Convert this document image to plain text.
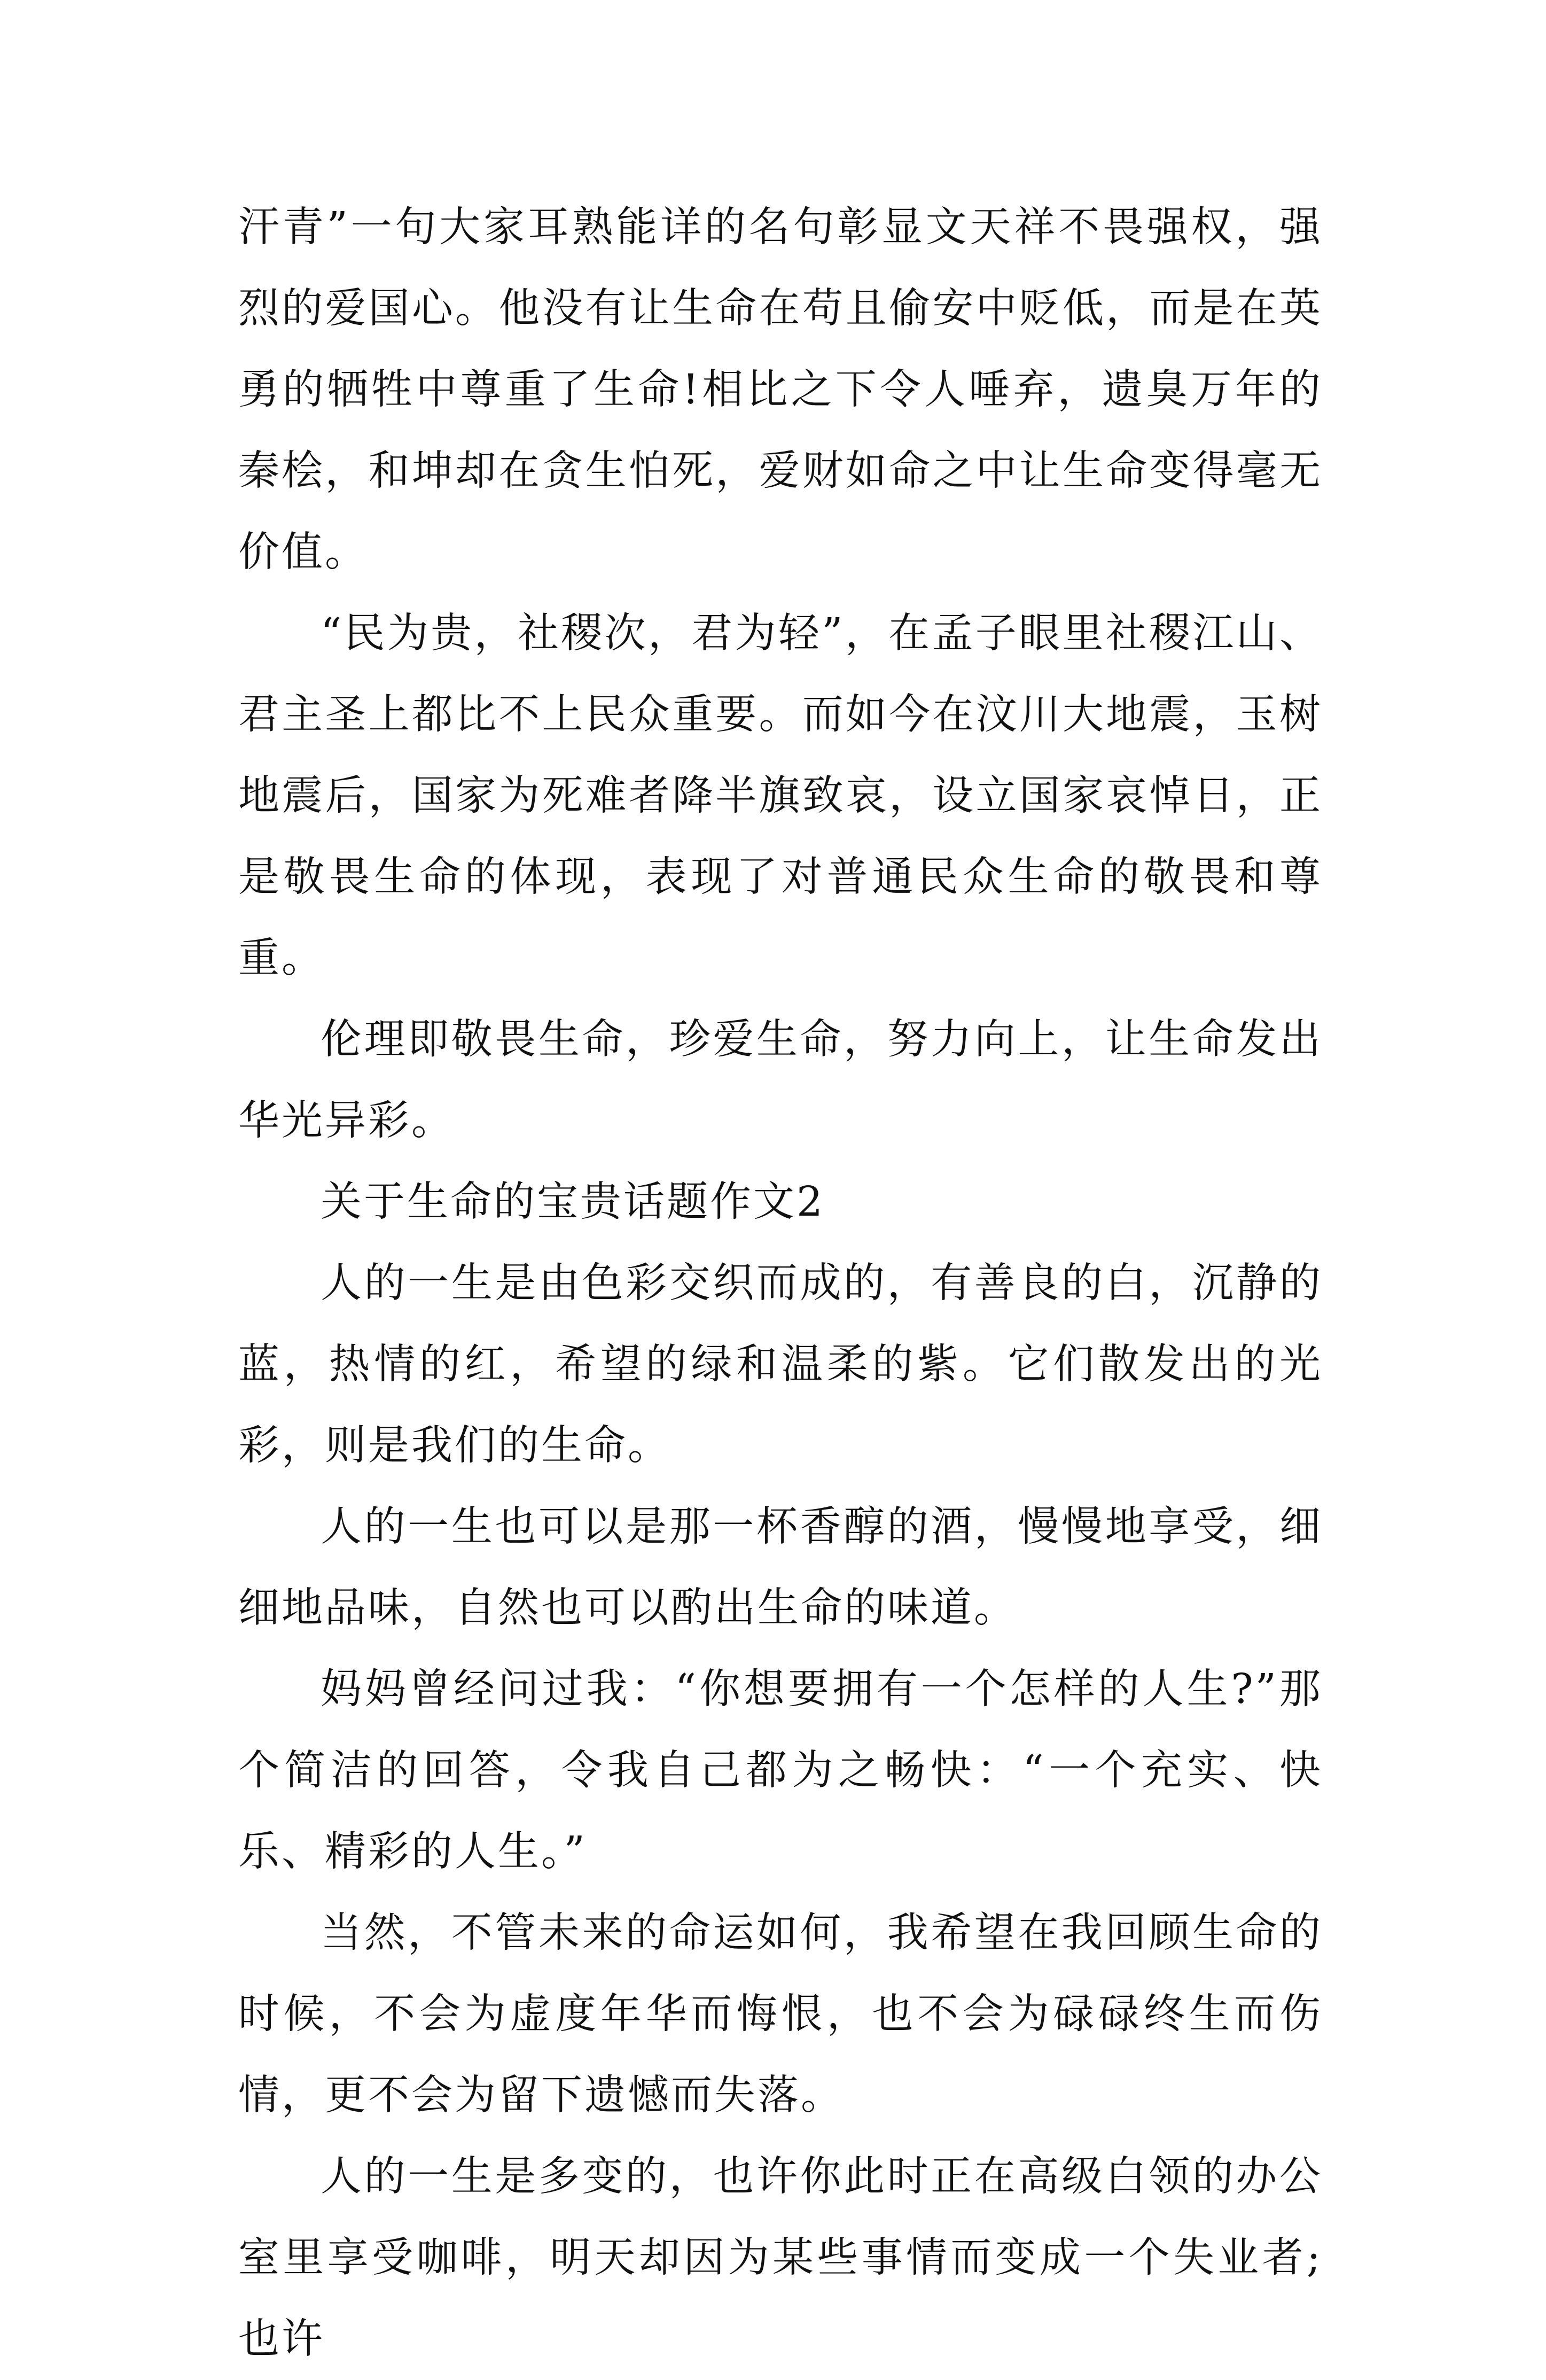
汗青”一句大家耳熟能详的名句彰显文天祥不畏强权，强烈的爱国心。他没有让生命在苟且偷安中贬低，而是在英勇的牺牲中尊重了生命!相比之下令人唾弃，遗臭万年的秦桧，和坤却在贪生怕死，爱财如命之中让生命变得毫无价值。

“民为贵，社稷次，君为轻”，在孟子眼里社稷江山、君主圣上都比不上民众重要。而如今在汶川大地震，玉树地震后，国家为死难者降半旗致哀，设立国家哀悼日，正是敬畏生命的体现，表现了对普通民众生命的敬畏和尊重。

伦理即敬畏生命，珍爱生命，努力向上，让生命发出华光异彩。

关于生命的宝贵话题作文2

人的一生是由色彩交织而成的，有善良的白，沉静的蓝，热情的红，希望的绿和温柔的紫。它们散发出的光彩，则是我们的生命。

人的一生也可以是那一杯香醇的酒，慢慢地享受，细细地品味，自然也可以酌出生命的味道。

妈妈曾经问过我：“你想要拥有一个怎样的人生?”那个简洁的回答，令我自己都为之畅快：“一个充实、快乐、精彩的人生。”

当然，不管未来的命运如何，我希望在我回顾生命的时候，不会为虚度年华而悔恨，也不会为碌碌终生而伤情，更不会为留下遗憾而失落。

人的一生是多变的，也许你此时正在高级白领的办公室里享受咖啡，明天却因为某些事情而变成一个失业者;也许
